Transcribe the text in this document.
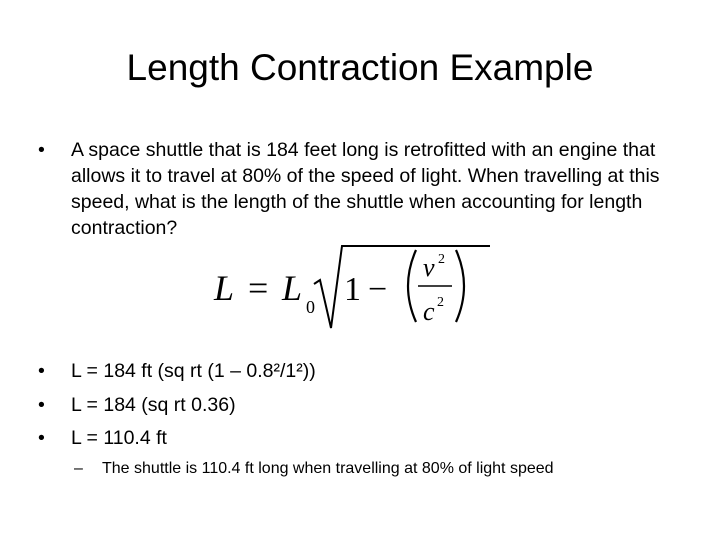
Length Contraction Example
• A space shuttle that is 184 feet long is retrofitted with an engine that allows it to travel at 80% of the speed of light. When travelling at this speed, what is the length of the shuttle when accounting for length contraction?
L = L 0 1 −
v 2
c 2
• L = 184 ft (sq rt (1 – 0.8²/1²))
• L = 184 (sq rt 0.36)
• L = 110.4 ft
– The shuttle is 110.4 ft long when travelling at 80% of light speed
